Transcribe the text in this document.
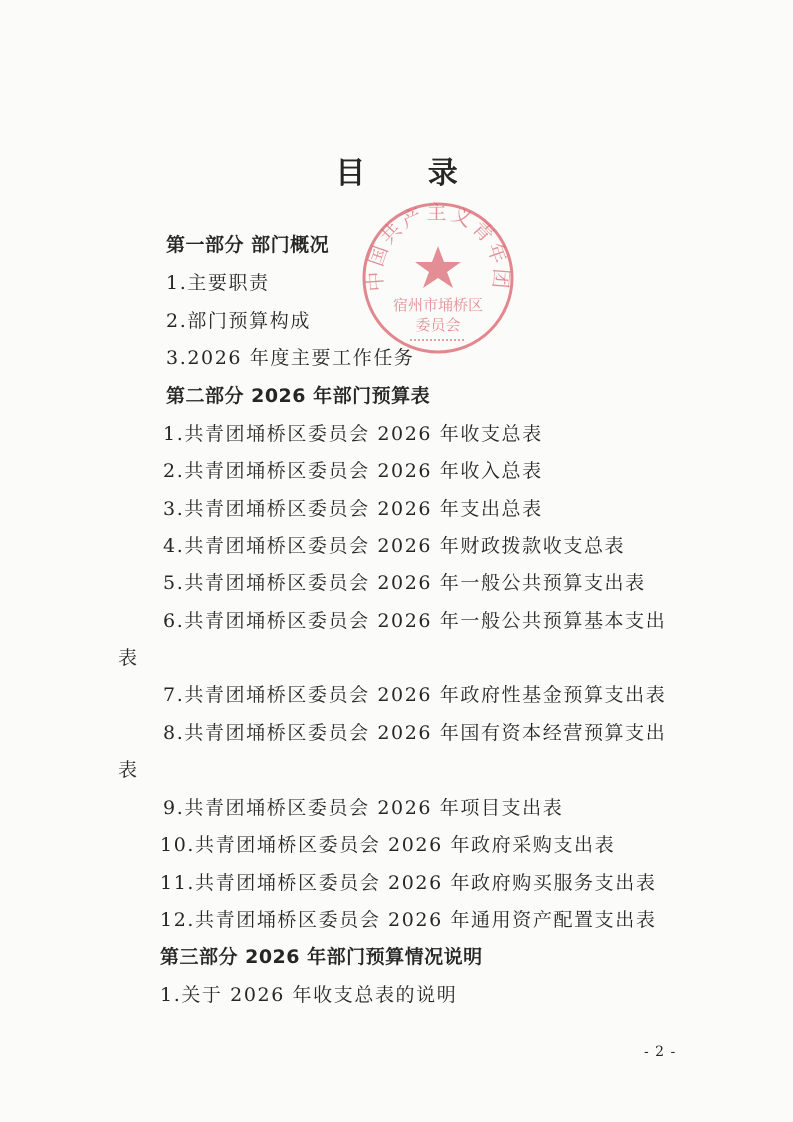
目 录
中国共产主义青年团
宿州市埇桥区
委员会

第一部分 部门概况

1.主要职责

2.部门预算构成

3.2026 年度主要工作任务

第二部分 2026 年部门预算表

1.共青团埇桥区委员会 2026 年收支总表

2.共青团埇桥区委员会 2026 年收入总表

3.共青团埇桥区委员会 2026 年支出总表

4.共青团埇桥区委员会 2026 年财政拨款收支总表

5.共青团埇桥区委员会 2026 年一般公共预算支出表

6.共青团埇桥区委员会 2026 年一般公共预算基本支出

表

7.共青团埇桥区委员会 2026 年政府性基金预算支出表

8.共青团埇桥区委员会 2026 年国有资本经营预算支出

表

9.共青团埇桥区委员会 2026 年项目支出表

10.共青团埇桥区委员会 2026 年政府采购支出表

11.共青团埇桥区委员会 2026 年政府购买服务支出表

12.共青团埇桥区委员会 2026 年通用资产配置支出表

第三部分 2026 年部门预算情况说明

1.关于 2026 年收支总表的说明

- 2 -
